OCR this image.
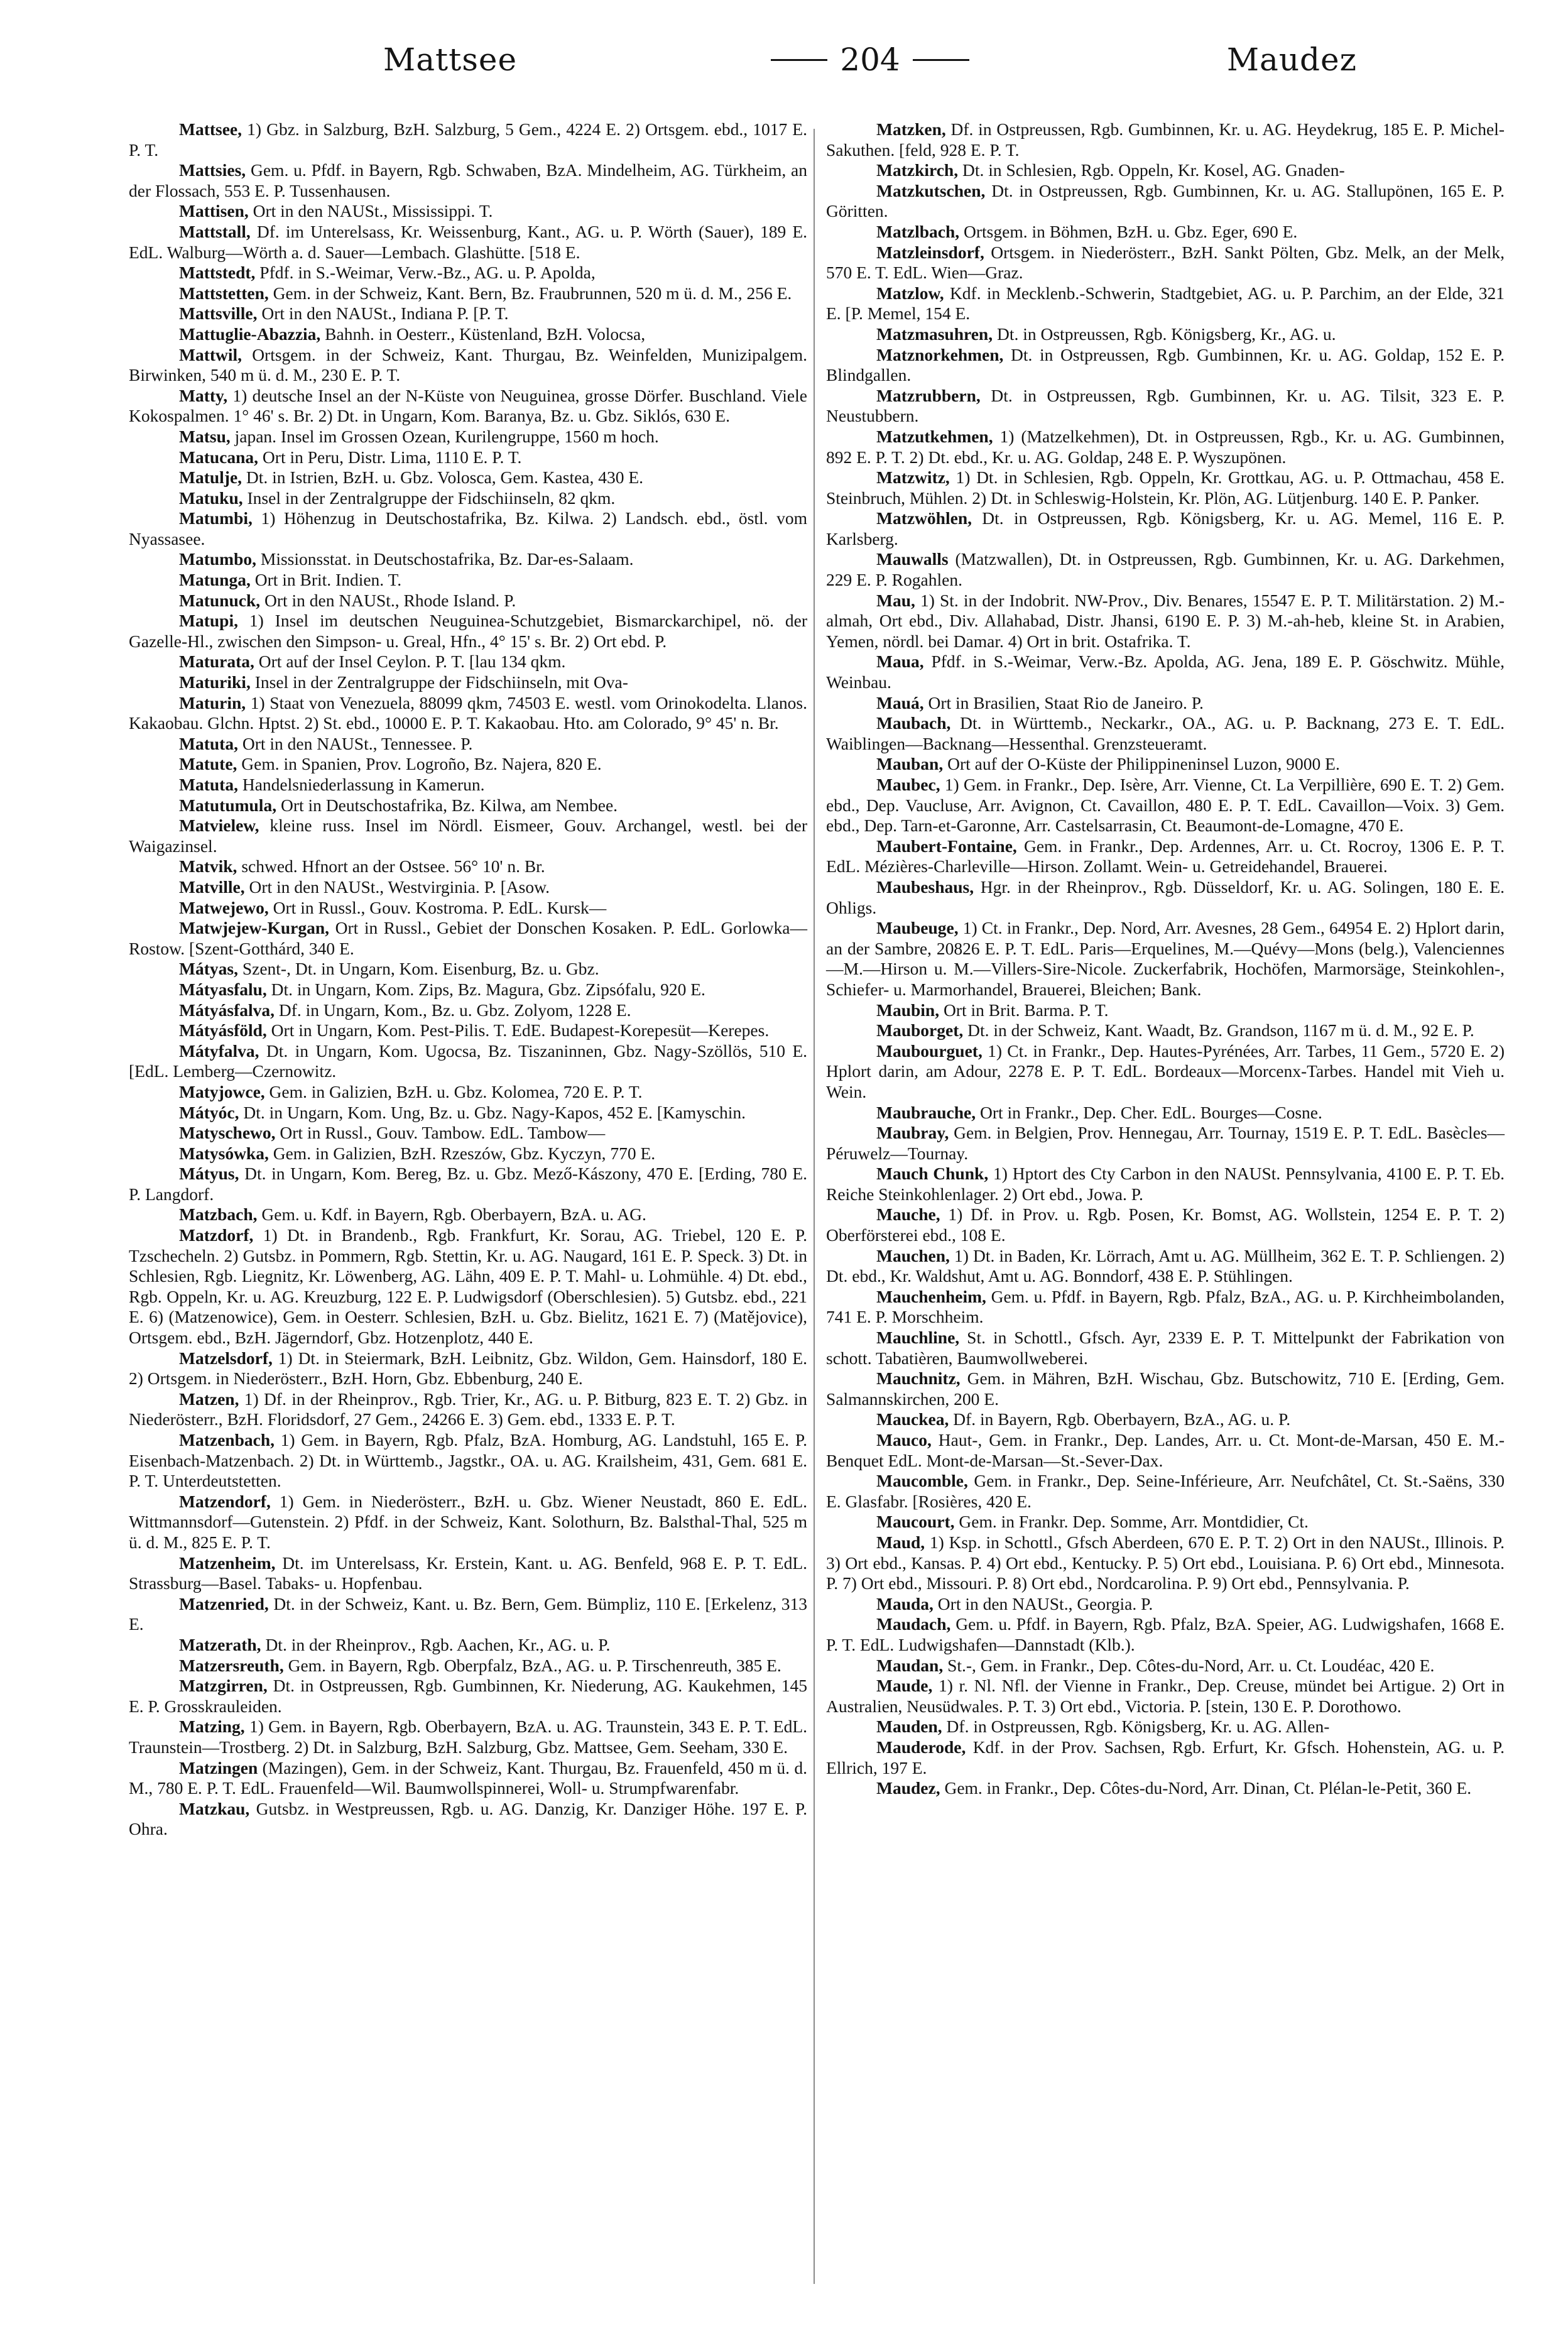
Mattsee	204	Maudez

Mattsee, 1) Gbz. in Salzburg, BzH. Salzburg, 5 Gem., 4224 E. 2) Ortsgem. ebd., 1017 E. P. T.

Mattsies, Gem. u. Pfdf. in Bayern, Rgb. Schwaben, BzA. Mindelheim, AG. Türkheim, an der Flossach, 553 E. P. Tussenhausen.

Mattisen, Ort in den NAUSt., Mississippi. T.

Mattstall, Df. im Unterelsass, Kr. Weissenburg, Kant., AG. u. P. Wörth (Sauer), 189 E. EdL. Walburg—Wörth a. d. Sauer—Lembach. Glashütte. [518 E.

Mattstedt, Pfdf. in S.-Weimar, Verw.-Bz., AG. u. P. Apolda,

Mattstetten, Gem. in der Schweiz, Kant. Bern, Bz. Fraubrunnen, 520 m ü. d. M., 256 E.

Mattsville, Ort in den NAUSt., Indiana P. [P. T.

Mattuglie-Abazzia, Bahnh. in Oesterr., Küstenland, BzH. Volocsa,

Mattwil, Ortsgem. in der Schweiz, Kant. Thurgau, Bz. Weinfelden, Munizipalgem. Birwinken, 540 m ü. d. M., 230 E. P. T.

Matty, 1) deutsche Insel an der N-Küste von Neuguinea, grosse Dörfer. Buschland. Viele Kokospalmen. 1° 46' s. Br. 2) Dt. in Ungarn, Kom. Baranya, Bz. u. Gbz. Siklós, 630 E.

Matsu, japan. Insel im Grossen Ozean, Kurilengruppe, 1560 m hoch.

Matucana, Ort in Peru, Distr. Lima, 1110 E. P. T.

Matulje, Dt. in Istrien, BzH. u. Gbz. Volosca, Gem. Kastea, 430 E.

Matuku, Insel in der Zentralgruppe der Fidschiinseln, 82 qkm.

Matumbi, 1) Höhenzug in Deutschostafrika, Bz. Kilwa. 2) Landsch. ebd., östl. vom Nyassasee.

Matumbo, Missionsstat. in Deutschostafrika, Bz. Dar-es-Salaam.

Matunga, Ort in Brit. Indien. T.

Matunuck, Ort in den NAUSt., Rhode Island. P.

Matupi, 1) Insel im deutschen Neuguinea-Schutzgebiet, Bismarckarchipel, nö. der Gazelle-Hl., zwischen den Simpson- u. Greal, Hfn., 4° 15' s. Br. 2) Ort ebd. P.

Maturata, Ort auf der Insel Ceylon. P. T. [lau 134 qkm.

Maturiki, Insel in der Zentralgruppe der Fidschiinseln, mit Ova-

Maturin, 1) Staat von Venezuela, 88099 qkm, 74503 E. westl. vom Orinokodelta. Llanos. Kakaobau. Glchn. Hptst. 2) St. ebd., 10000 E. P. T. Kakaobau. Hto. am Colorado, 9° 45' n. Br.

Matuta, Ort in den NAUSt., Tennessee. P.

Matute, Gem. in Spanien, Prov. Logroño, Bz. Najera, 820 E.

Matuta, Handelsniederlassung in Kamerun.

Matutumula, Ort in Deutschostafrika, Bz. Kilwa, am Nembee.

Matvielew, kleine russ. Insel im Nördl. Eismeer, Gouv. Archangel, westl. bei der Waigazinsel.

Matvik, schwed. Hfnort an der Ostsee. 56° 10' n. Br.

Matville, Ort in den NAUSt., Westvirginia. P. [Asow.

Matwejewo, Ort in Russl., Gouv. Kostroma. P. EdL. Kursk—

Matwjejew-Kurgan, Ort in Russl., Gebiet der Donschen Kosaken. P. EdL. Gorlowka—Rostow. [Szent-Gotthárd, 340 E.

Mátyas, Szent-, Dt. in Ungarn, Kom. Eisenburg, Bz. u. Gbz.

Mátyasfalu, Dt. in Ungarn, Kom. Zips, Bz. Magura, Gbz. Zipsófalu, 920 E.

Mátyásfalva, Df. in Ungarn, Kom., Bz. u. Gbz. Zolyom, 1228 E.

Mátyásföld, Ort in Ungarn, Kom. Pest-Pilis. T. EdE. Budapest-Korepesüt—Kerepes.

Mátyfalva, Dt. in Ungarn, Kom. Ugocsa, Bz. Tiszaninnen, Gbz. Nagy-Szöllös, 510 E. [EdL. Lemberg—Czernowitz.

Matyjowce, Gem. in Galizien, BzH. u. Gbz. Kolomea, 720 E. P. T.

Mátyóc, Dt. in Ungarn, Kom. Ung, Bz. u. Gbz. Nagy-Kapos, 452 E. [Kamyschin.

Matyschewo, Ort in Russl., Gouv. Tambow. EdL. Tambow—

Matysówka, Gem. in Galizien, BzH. Rzeszów, Gbz. Kyczyn, 770 E.

Mátyus, Dt. in Ungarn, Kom. Bereg, Bz. u. Gbz. Mező-Kászony, 470 E. [Erding, 780 E. P. Langdorf.

Matzbach, Gem. u. Kdf. in Bayern, Rgb. Oberbayern, BzA. u. AG.

Matzdorf, 1) Dt. in Brandenb., Rgb. Frankfurt, Kr. Sorau, AG. Triebel, 120 E. P. Tzschecheln. 2) Gutsbz. in Pommern, Rgb. Stettin, Kr. u. AG. Naugard, 161 E. P. Speck. 3) Dt. in Schlesien, Rgb. Liegnitz, Kr. Löwenberg, AG. Lähn, 409 E. P. T. Mahl- u. Lohmühle. 4) Dt. ebd., Rgb. Oppeln, Kr. u. AG. Kreuzburg, 122 E. P. Ludwigsdorf (Oberschlesien). 5) Gutsbz. ebd., 221 E. 6) (Matzenowice), Gem. in Oesterr. Schlesien, BzH. u. Gbz. Bielitz, 1621 E. 7) (Matějovice), Ortsgem. ebd., BzH. Jägerndorf, Gbz. Hotzenplotz, 440 E.

Matzelsdorf, 1) Dt. in Steiermark, BzH. Leibnitz, Gbz. Wildon, Gem. Hainsdorf, 180 E. 2) Ortsgem. in Niederösterr., BzH. Horn, Gbz. Ebbenburg, 240 E.

Matzen, 1) Df. in der Rheinprov., Rgb. Trier, Kr., AG. u. P. Bitburg, 823 E. T. 2) Gbz. in Niederösterr., BzH. Floridsdorf, 27 Gem., 24266 E. 3) Gem. ebd., 1333 E. P. T.

Matzenbach, 1) Gem. in Bayern, Rgb. Pfalz, BzA. Homburg, AG. Landstuhl, 165 E. P. Eisenbach-Matzenbach. 2) Dt. in Württemb., Jagstkr., OA. u. AG. Krailsheim, 431, Gem. 681 E. P. T. Unterdeutstetten.

Matzendorf, 1) Gem. in Niederösterr., BzH. u. Gbz. Wiener Neustadt, 860 E. EdL. Wittmannsdorf—Gutenstein. 2) Pfdf. in der Schweiz, Kant. Solothurn, Bz. Balsthal-Thal, 525 m ü. d. M., 825 E. P. T.

Matzenheim, Dt. im Unterelsass, Kr. Erstein, Kant. u. AG. Benfeld, 968 E. P. T. EdL. Strassburg—Basel. Tabaks- u. Hopfenbau.

Matzenried, Dt. in der Schweiz, Kant. u. Bz. Bern, Gem. Bümpliz, 110 E. [Erkelenz, 313 E.

Matzerath, Dt. in der Rheinprov., Rgb. Aachen, Kr., AG. u. P.

Matzersreuth, Gem. in Bayern, Rgb. Oberpfalz, BzA., AG. u. P. Tirschenreuth, 385 E.

Matzgirren, Dt. in Ostpreussen, Rgb. Gumbinnen, Kr. Niederung, AG. Kaukehmen, 145 E. P. Grosskrauleiden.

Matzing, 1) Gem. in Bayern, Rgb. Oberbayern, BzA. u. AG. Traunstein, 343 E. P. T. EdL. Traunstein—Trostberg. 2) Dt. in Salzburg, BzH. Salzburg, Gbz. Mattsee, Gem. Seeham, 330 E.

Matzingen (Mazingen), Gem. in der Schweiz, Kant. Thurgau, Bz. Frauenfeld, 450 m ü. d. M., 780 E. P. T. EdL. Frauenfeld—Wil. Baumwollspinnerei, Woll- u. Strumpfwarenfabr.

Matzkau, Gutsbz. in Westpreussen, Rgb. u. AG. Danzig, Kr. Danziger Höhe. 197 E. P. Ohra.

Matzken, Df. in Ostpreussen, Rgb. Gumbinnen, Kr. u. AG. Heydekrug, 185 E. P. Michel-Sakuthen. [feld, 928 E. P. T.

Matzkirch, Dt. in Schlesien, Rgb. Oppeln, Kr. Kosel, AG. Gnaden-

Matzkutschen, Dt. in Ostpreussen, Rgb. Gumbinnen, Kr. u. AG. Stallupönen, 165 E. P. Göritten.

Matzlbach, Ortsgem. in Böhmen, BzH. u. Gbz. Eger, 690 E.

Matzleinsdorf, Ortsgem. in Niederösterr., BzH. Sankt Pölten, Gbz. Melk, an der Melk, 570 E. T. EdL. Wien—Graz.

Matzlow, Kdf. in Mecklenb.-Schwerin, Stadtgebiet, AG. u. P. Parchim, an der Elde, 321 E. [P. Memel, 154 E.

Matzmasuhren, Dt. in Ostpreussen, Rgb. Königsberg, Kr., AG. u.

Matznorkehmen, Dt. in Ostpreussen, Rgb. Gumbinnen, Kr. u. AG. Goldap, 152 E. P. Blindgallen.

Matzrubbern, Dt. in Ostpreussen, Rgb. Gumbinnen, Kr. u. AG. Tilsit, 323 E. P. Neustubbern.

Matzutkehmen, 1) (Matzelkehmen), Dt. in Ostpreussen, Rgb., Kr. u. AG. Gumbinnen, 892 E. P. T. 2) Dt. ebd., Kr. u. AG. Goldap, 248 E. P. Wyszupönen.

Matzwitz, 1) Dt. in Schlesien, Rgb. Oppeln, Kr. Grottkau, AG. u. P. Ottmachau, 458 E. Steinbruch, Mühlen. 2) Dt. in Schleswig-Holstein, Kr. Plön, AG. Lütjenburg. 140 E. P. Panker.

Matzwöhlen, Dt. in Ostpreussen, Rgb. Königsberg, Kr. u. AG. Memel, 116 E. P. Karlsberg.

Mauwalls (Matzwallen), Dt. in Ostpreussen, Rgb. Gumbinnen, Kr. u. AG. Darkehmen, 229 E. P. Rogahlen.

Mau, 1) St. in der Indobrit. NW-Prov., Div. Benares, 15547 E. P. T. Militärstation. 2) M.-almah, Ort ebd., Div. Allahabad, Distr. Jhansi, 6190 E. P. 3) M.-ah-heb, kleine St. in Arabien, Yemen, nördl. bei Damar. 4) Ort in brit. Ostafrika. T.

Maua, Pfdf. in S.-Weimar, Verw.-Bz. Apolda, AG. Jena, 189 E. P. Göschwitz. Mühle, Weinbau.

Mauá, Ort in Brasilien, Staat Rio de Janeiro. P.

Maubach, Dt. in Württemb., Neckarkr., OA., AG. u. P. Backnang, 273 E. T. EdL. Waiblingen—Backnang—Hessenthal. Grenzsteueramt.

Mauban, Ort auf der O-Küste der Philippineninsel Luzon, 9000 E.

Maubec, 1) Gem. in Frankr., Dep. Isère, Arr. Vienne, Ct. La Verpillière, 690 E. T. 2) Gem. ebd., Dep. Vaucluse, Arr. Avignon, Ct. Cavaillon, 480 E. P. T. EdL. Cavaillon—Voix. 3) Gem. ebd., Dep. Tarn-et-Garonne, Arr. Castelsarrasin, Ct. Beaumont-de-Lomagne, 470 E.

Maubert-Fontaine, Gem. in Frankr., Dep. Ardennes, Arr. u. Ct. Rocroy, 1306 E. P. T. EdL. Mézières-Charleville—Hirson. Zollamt. Wein- u. Getreidehandel, Brauerei.

Maubeshaus, Hgr. in der Rheinprov., Rgb. Düsseldorf, Kr. u. AG. Solingen, 180 E. E. Ohligs.

Maubeuge, 1) Ct. in Frankr., Dep. Nord, Arr. Avesnes, 28 Gem., 64954 E. 2) Hplort darin, an der Sambre, 20826 E. P. T. EdL. Paris—Erquelines, M.—Quévy—Mons (belg.), Valenciennes—M.—Hirson u. M.—Villers-Sire-Nicole. Zuckerfabrik, Hochöfen, Marmorsäge, Steinkohlen-, Schiefer- u. Marmorhandel, Brauerei, Bleichen; Bank.

Maubin, Ort in Brit. Barma. P. T.

Mauborget, Dt. in der Schweiz, Kant. Waadt, Bz. Grandson, 1167 m ü. d. M., 92 E. P.

Maubourguet, 1) Ct. in Frankr., Dep. Hautes-Pyrénées, Arr. Tarbes, 11 Gem., 5720 E. 2) Hplort darin, am Adour, 2278 E. P. T. EdL. Bordeaux—Morcenx-Tarbes. Handel mit Vieh u. Wein.

Maubrauche, Ort in Frankr., Dep. Cher. EdL. Bourges—Cosne.

Maubray, Gem. in Belgien, Prov. Hennegau, Arr. Tournay, 1519 E. P. T. EdL. Basècles—Péruwelz—Tournay.

Mauch Chunk, 1) Hptort des Cty Carbon in den NAUSt. Pennsylvania, 4100 E. P. T. Eb. Reiche Steinkohlenlager. 2) Ort ebd., Jowa. P.

Mauche, 1) Df. in Prov. u. Rgb. Posen, Kr. Bomst, AG. Wollstein, 1254 E. P. T. 2) Oberförsterei ebd., 108 E.

Mauchen, 1) Dt. in Baden, Kr. Lörrach, Amt u. AG. Müllheim, 362 E. T. P. Schliengen. 2) Dt. ebd., Kr. Waldshut, Amt u. AG. Bonndorf, 438 E. P. Stühlingen.

Mauchenheim, Gem. u. Pfdf. in Bayern, Rgb. Pfalz, BzA., AG. u. P. Kirchheimbolanden, 741 E. P. Morschheim.

Mauchline, St. in Schottl., Gfsch. Ayr, 2339 E. P. T. Mittelpunkt der Fabrikation von schott. Tabatièren, Baumwollweberei.

Mauchnitz, Gem. in Mähren, BzH. Wischau, Gbz. Butschowitz, 710 E. [Erding, Gem. Salmannskirchen, 200 E.

Mauckea, Df. in Bayern, Rgb. Oberbayern, BzA., AG. u. P.

Mauco, Haut-, Gem. in Frankr., Dep. Landes, Arr. u. Ct. Mont-de-Marsan, 450 E. M.-Benquet EdL. Mont-de-Marsan—St.-Sever-Dax.

Maucomble, Gem. in Frankr., Dep. Seine-Inférieure, Arr. Neufchâtel, Ct. St.-Saëns, 330 E. Glasfabr. [Rosières, 420 E.

Maucourt, Gem. in Frankr. Dep. Somme, Arr. Montdidier, Ct.

Maud, 1) Ksp. in Schottl., Gfsch Aberdeen, 670 E. P. T. 2) Ort in den NAUSt., Illinois. P. 3) Ort ebd., Kansas. P. 4) Ort ebd., Kentucky. P. 5) Ort ebd., Louisiana. P. 6) Ort ebd., Minnesota. P. 7) Ort ebd., Missouri. P. 8) Ort ebd., Nordcarolina. P. 9) Ort ebd., Pennsylvania. P.

Mauda, Ort in den NAUSt., Georgia. P.

Maudach, Gem. u. Pfdf. in Bayern, Rgb. Pfalz, BzA. Speier, AG. Ludwigshafen, 1668 E. P. T. EdL. Ludwigshafen—Dannstadt (Klb.).

Maudan, St.-, Gem. in Frankr., Dep. Côtes-du-Nord, Arr. u. Ct. Loudéac, 420 E.

Maude, 1) r. Nl. Nfl. der Vienne in Frankr., Dep. Creuse, mündet bei Artigue. 2) Ort in Australien, Neusüdwales. P. T. 3) Ort ebd., Victoria. P. [stein, 130 E. P. Dorothowo.

Mauden, Df. in Ostpreussen, Rgb. Königsberg, Kr. u. AG. Allen-

Mauderode, Kdf. in der Prov. Sachsen, Rgb. Erfurt, Kr. Gfsch. Hohenstein, AG. u. P. Ellrich, 197 E.

Maudez, Gem. in Frankr., Dep. Côtes-du-Nord, Arr. Dinan, Ct. Plélan-le-Petit, 360 E.
